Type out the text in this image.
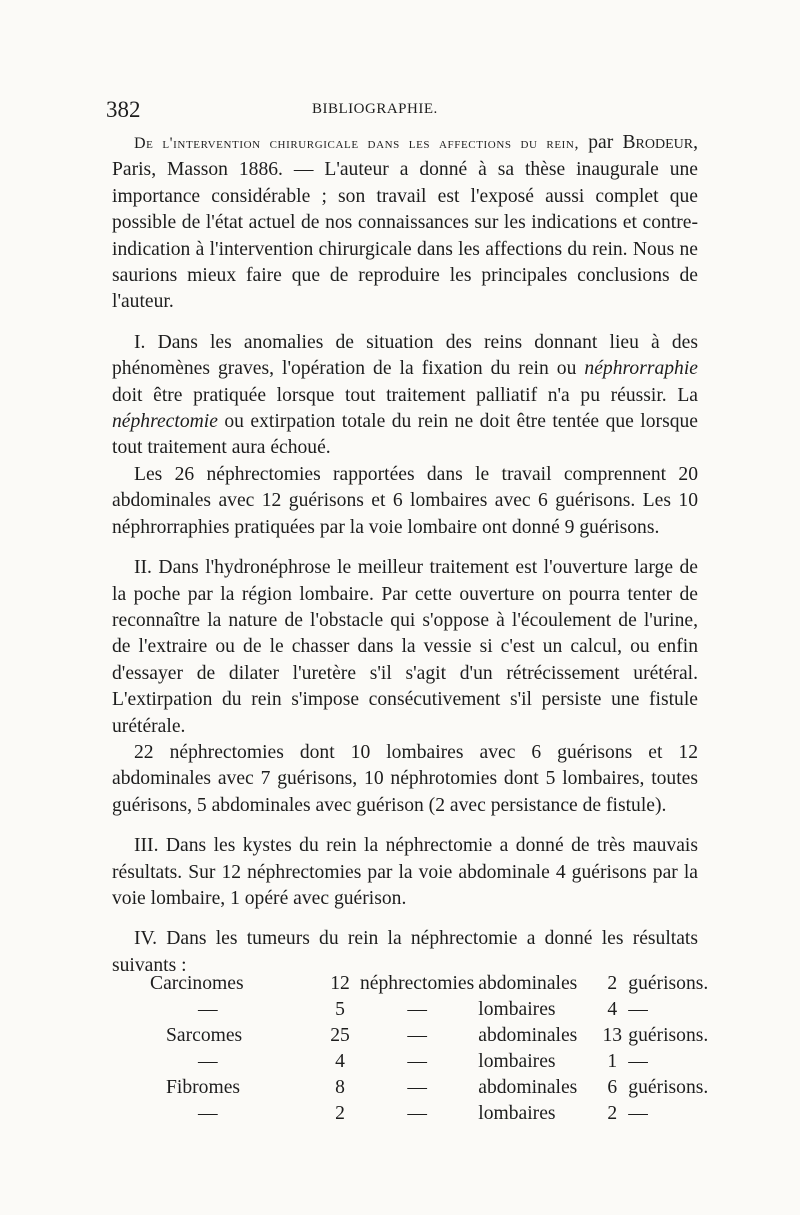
382	BIBLIOGRAPHIE.

De l'intervention chirurgicale dans les affections du rein, par Brodeur, Paris, Masson 1886. — L'auteur a donné à sa thèse inaugurale une importance considérable ; son travail est l'exposé aussi complet que possible de l'état actuel de nos connaissances sur les indications et contre-indication à l'intervention chirurgicale dans les affections du rein. Nous ne saurions mieux faire que de reproduire les principales conclusions de l'auteur.

I. Dans les anomalies de situation des reins donnant lieu à des phénomènes graves, l'opération de la fixation du rein ou néphrorraphie doit être pratiquée lorsque tout traitement palliatif n'a pu réussir. La néphrectomie ou extirpation totale du rein ne doit être tentée que lorsque tout traitement aura échoué.

Les 26 néphrectomies rapportées dans le travail comprennent 20 abdominales avec 12 guérisons et 6 lombaires avec 6 guérisons. Les 10 néphrorraphies pratiquées par la voie lombaire ont donné 9 guérisons.

II. Dans l'hydronéphrose le meilleur traitement est l'ouverture large de la poche par la région lombaire. Par cette ouverture on pourra tenter de reconnaître la nature de l'obstacle qui s'oppose à l'écoulement de l'urine, de l'extraire ou de le chasser dans la vessie si c'est un calcul, ou enfin d'essayer de dilater l'uretère s'il s'agit d'un rétrécissement urétéral. L'extirpation du rein s'impose consécutivement s'il persiste une fistule urétérale.

22 néphrectomies dont 10 lombaires avec 6 guérisons et 12 abdominales avec 7 guérisons, 10 néphrotomies dont 5 lombaires, toutes guérisons, 5 abdominales avec guérison (2 avec persistance de fistule).

III. Dans les kystes du rein la néphrectomie a donné de très mauvais résultats. Sur 12 néphrectomies par la voie abdominale 4 guérisons par la voie lombaire, 1 opéré avec guérison.

IV. Dans les tumeurs du rein la néphrectomie a donné les résultats suivants :

Carcinomes	12	néphrectomies	abdominales	2	guérisons.
—	5	—	lombaires	4	—
Sarcomes	25	—	abdominales	13	guérisons.
—	4	—	lombaires	1	—
Fibromes	8	—	abdominales	6	guérisons.
—	2	—	lombaires	2	—
